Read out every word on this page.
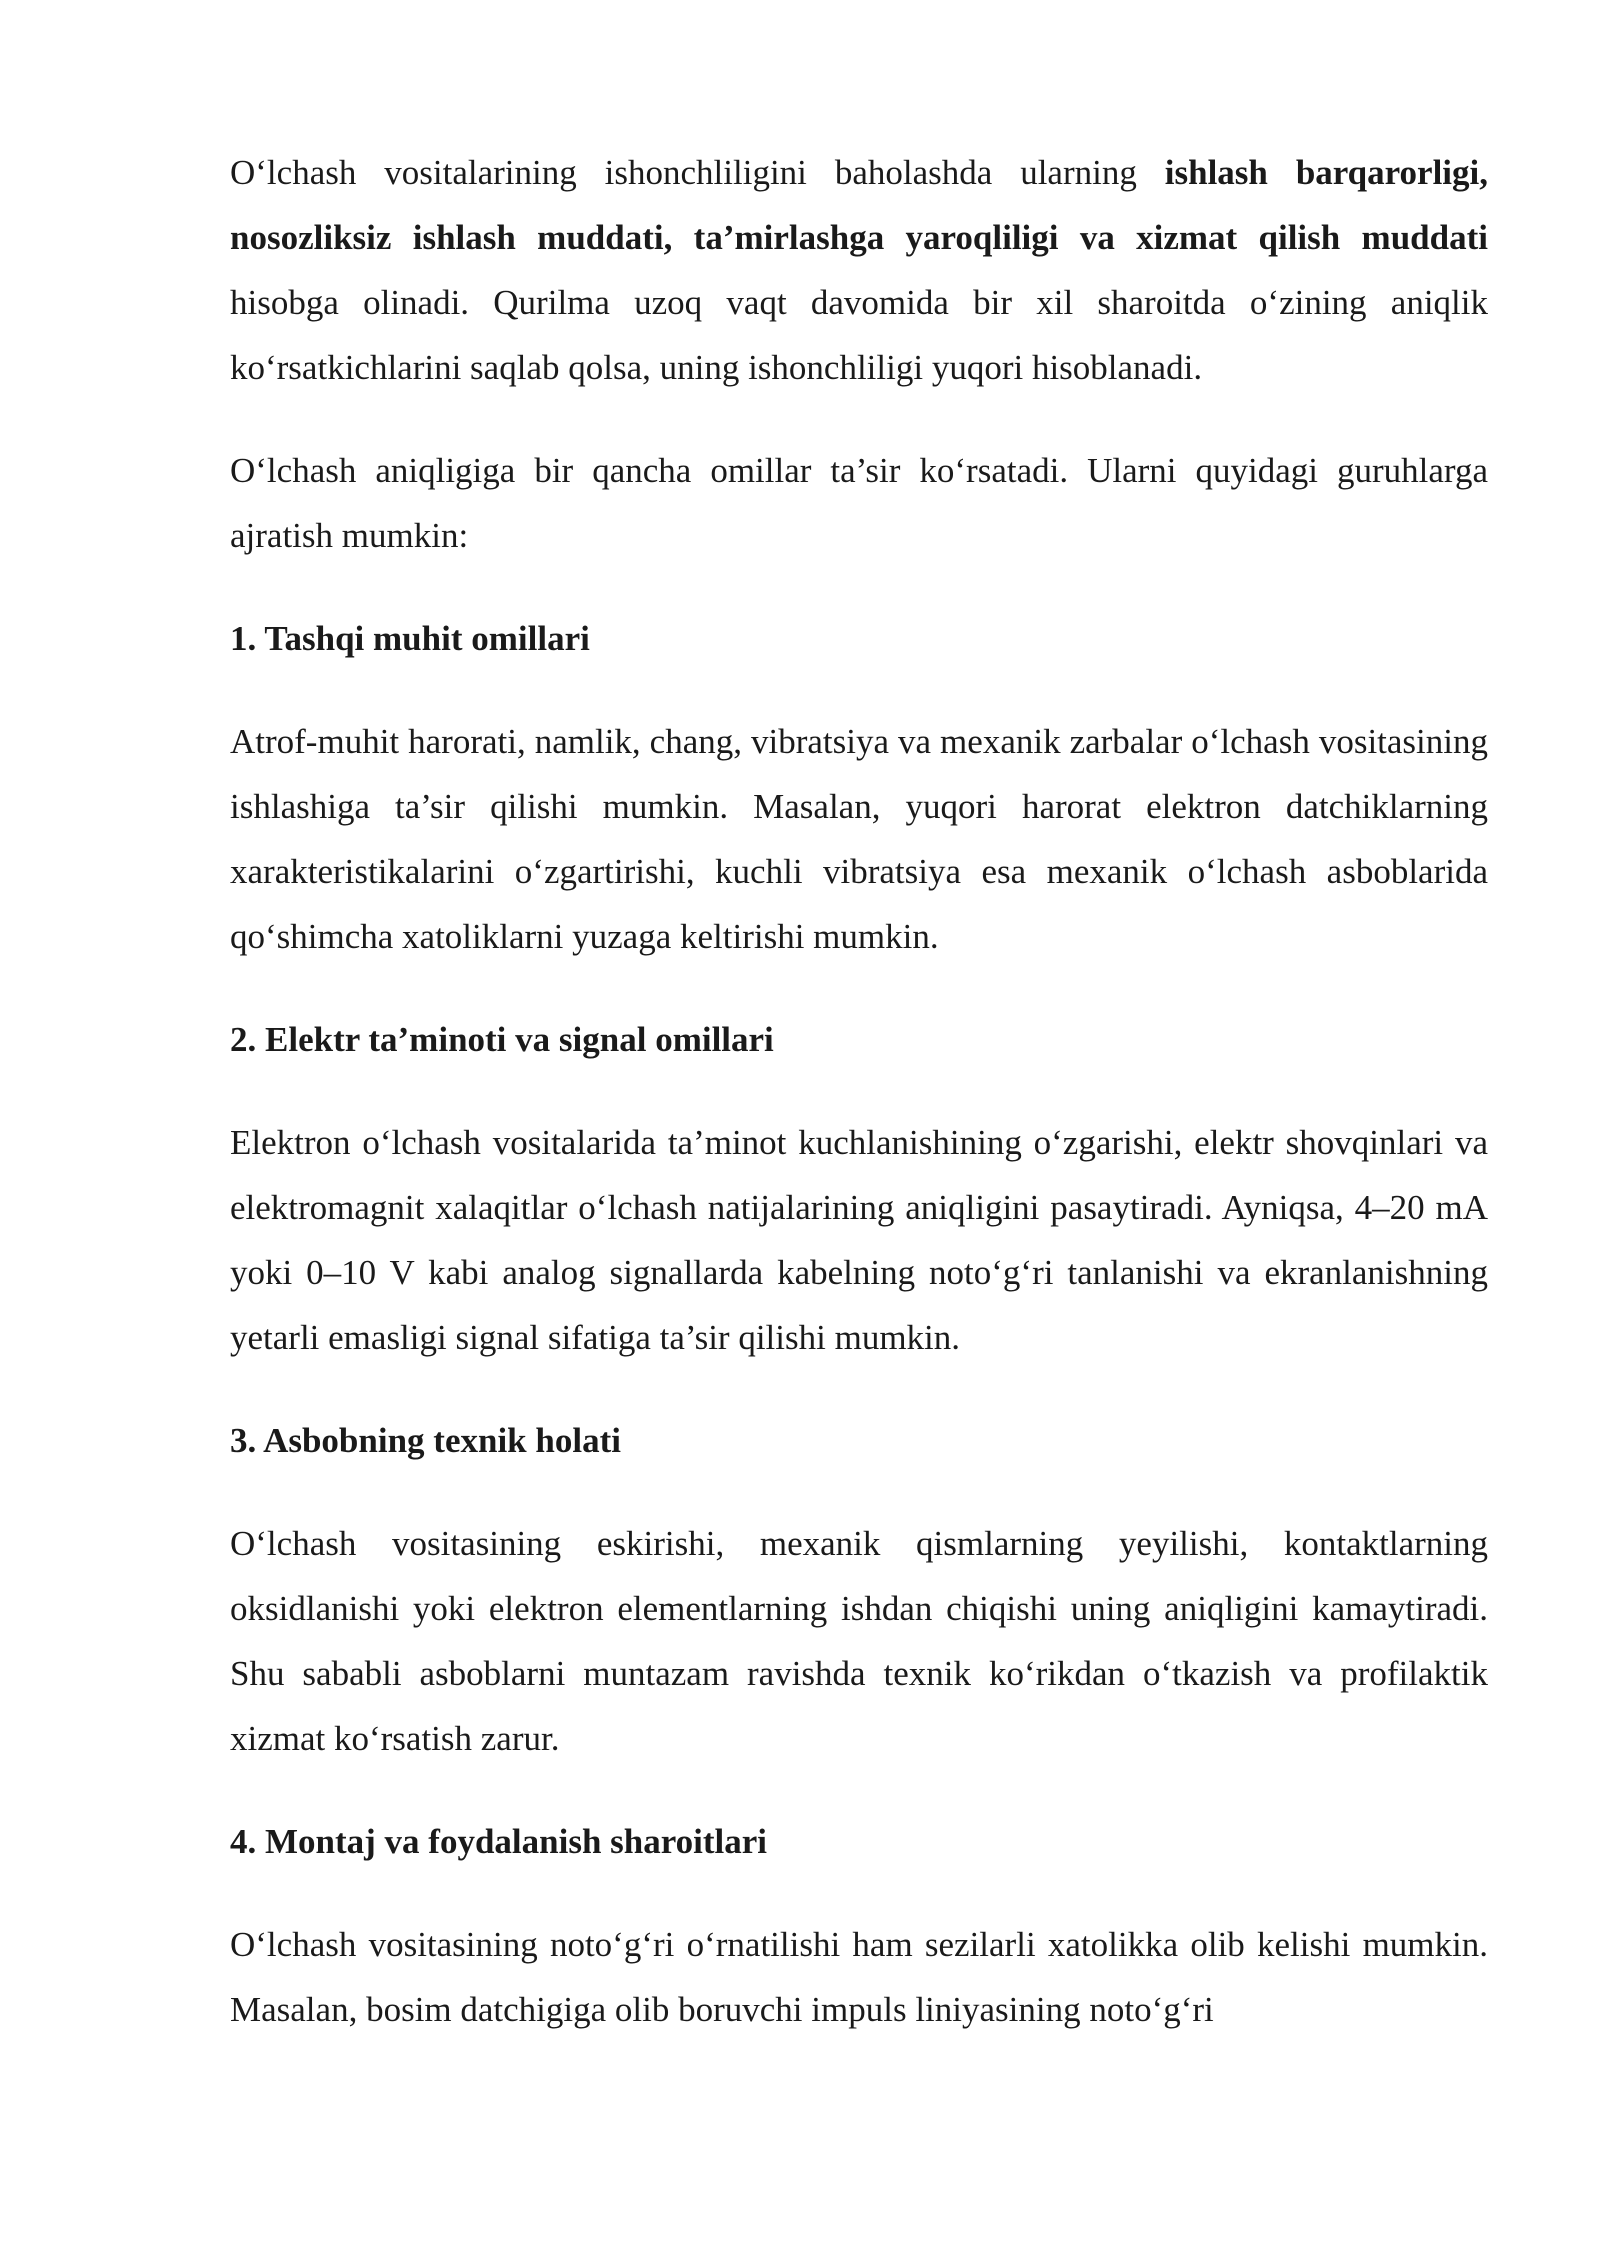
O‘lchash vositalarining ishonchliligini baholashda ularning ishlash barqarorligi, nosozliksiz ishlash muddati, ta’mirlashga yaroqliligi va xizmat qilish muddati hisobga olinadi. Qurilma uzoq vaqt davomida bir xil sharoitda o‘zining aniqlik ko‘rsatkichlarini saqlab qolsa, uning ishonchliligi yuqori hisoblanadi.

O‘lchash aniqligiga bir qancha omillar ta’sir ko‘rsatadi. Ularni quyidagi guruhlarga ajratish mumkin:

1. Tashqi muhit omillari

Atrof-muhit harorati, namlik, chang, vibratsiya va mexanik zarbalar o‘lchash vositasining ishlashiga ta’sir qilishi mumkin. Masalan, yuqori harorat elektron datchiklarning xarakteristikalarini o‘zgartirishi, kuchli vibratsiya esa mexanik o‘lchash asboblarida qo‘shimcha xatoliklarni yuzaga keltirishi mumkin.

2. Elektr ta’minoti va signal omillari

Elektron o‘lchash vositalarida ta’minot kuchlanishining o‘zgarishi, elektr shovqinlari va elektromagnit xalaqitlar o‘lchash natijalarining aniqligini pasaytiradi. Ayniqsa, 4–20 mA yoki 0–10 V kabi analog signallarda kabelning noto‘g‘ri tanlanishi va ekranlanishning yetarli emasligi signal sifatiga ta’sir qilishi mumkin.

3. Asbobning texnik holati

O‘lchash vositasining eskirishi, mexanik qismlarning yeyilishi, kontaktlarning oksidlanishi yoki elektron elementlarning ishdan chiqishi uning aniqligini kamaytiradi. Shu sababli asboblarni muntazam ravishda texnik ko‘rikdan o‘tkazish va profilaktik xizmat ko‘rsatish zarur.

4. Montaj va foydalanish sharoitlari

O‘lchash vositasining noto‘g‘ri o‘rnatilishi ham sezilarli xatolikka olib kelishi mumkin. Masalan, bosim datchigiga olib boruvchi impuls liniyasining noto‘g‘ri
